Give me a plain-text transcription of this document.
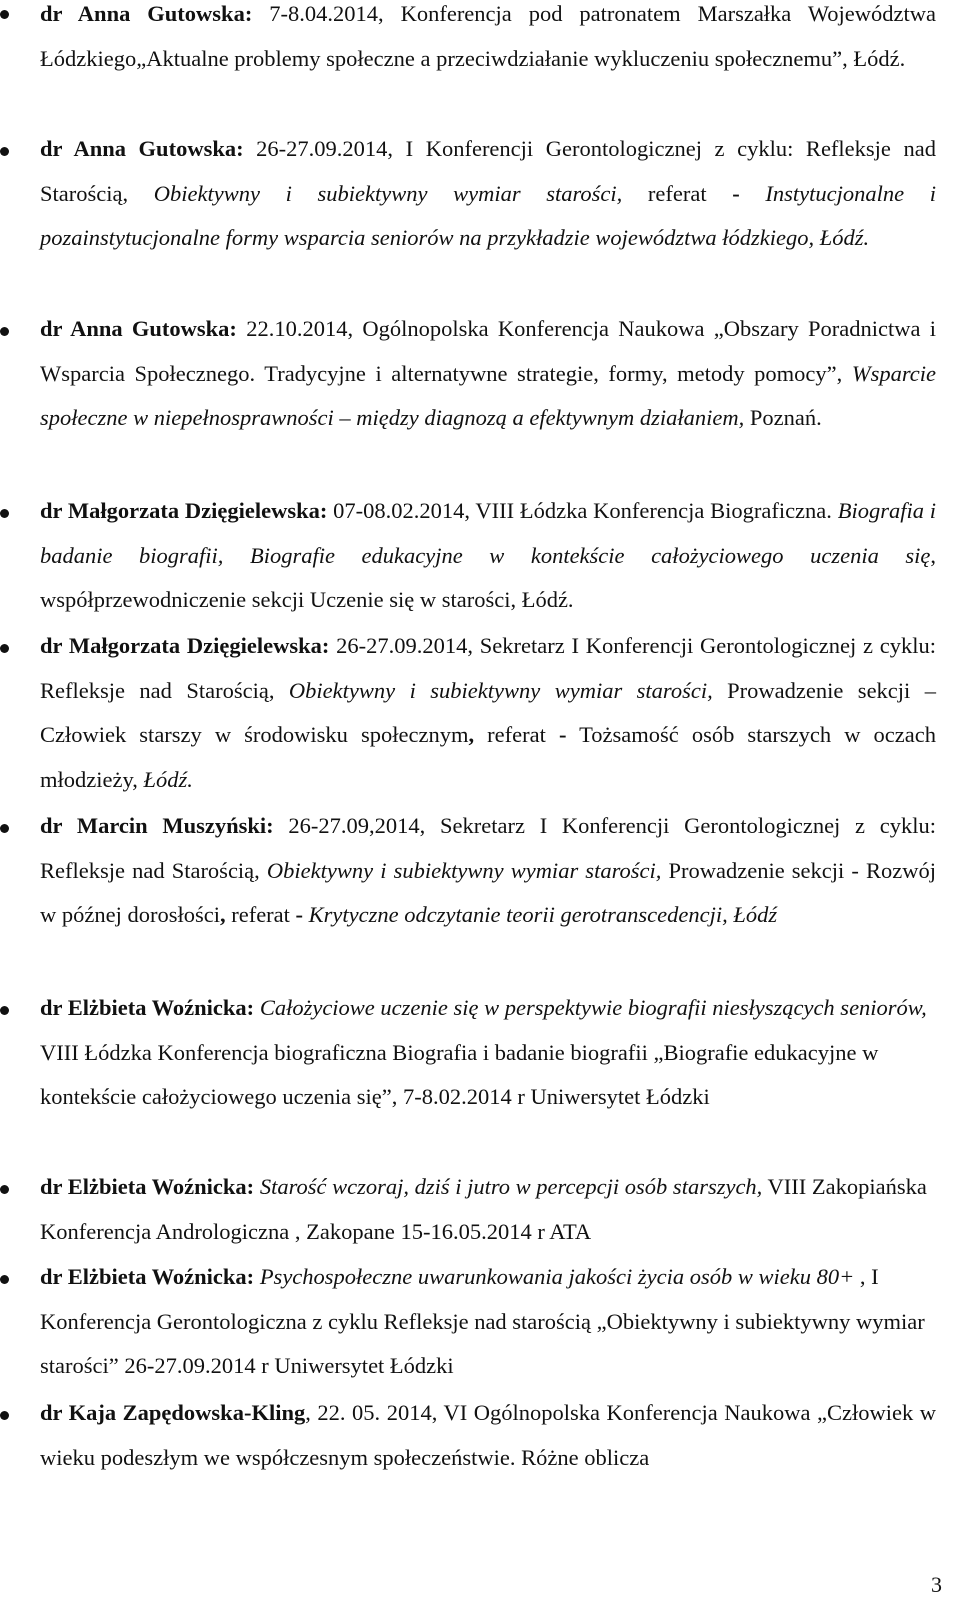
dr Anna Gutowska: 7-8.04.2014, Konferencja pod patronatem Marszałka Województwa Łódzkiego„Aktualne problemy społeczne a przeciwdziałanie wykluczeniu społecznemu”, Łódź.
dr Anna Gutowska: 26-27.09.2014, I Konferencji Gerontologicznej z cyklu: Refleksje nad Starością, Obiektywny i subiektywny wymiar starości, referat - Instytucjonalne i pozainstytucjonalne formy wsparcia seniorów na przykładzie województwa łódzkiego, Łódź.
dr Anna Gutowska: 22.10.2014, Ogólnopolska Konferencja Naukowa „Obszary Poradnictwa i Wsparcia Społecznego. Tradycyjne i alternatywne strategie, formy, metody pomocy”, Wsparcie społeczne w niepełnosprawności – między diagnozą a efektywnym działaniem, Poznań.
dr Małgorzata Dzięgielewska: 07-08.02.2014, VIII Łódzka Konferencja Biograficzna. Biografia i badanie biografii, Biografie edukacyjne w kontekście całożyciowego uczenia się, współprzewodniczenie sekcji Uczenie się w starości, Łódź.
dr Małgorzata Dzięgielewska: 26-27.09.2014, Sekretarz I Konferencji Gerontologicznej z cyklu: Refleksje nad Starością, Obiektywny i subiektywny wymiar starości, Prowadzenie sekcji – Człowiek starszy w środowisku społecznym, referat - Tożsamość osób starszych w oczach młodzieży, Łódź.
dr Marcin Muszyński: 26-27.09,2014, Sekretarz I Konferencji Gerontologicznej z cyklu: Refleksje nad Starością, Obiektywny i subiektywny wymiar starości, Prowadzenie sekcji - Rozwój w późnej dorosłości, referat - Krytyczne odczytanie teorii gerotranscedencji, Łódź
dr Elżbieta Woźnicka: Całożyciowe uczenie się w perspektywie biografii niesłyszących seniorów, VIII Łódzka Konferencja biograficzna Biografia i badanie biografii „Biografie edukacyjne w kontekście całożyciowego uczenia się”, 7-8.02.2014 r Uniwersytet Łódzki
dr Elżbieta Woźnicka: Starość wczoraj, dziś i jutro w percepcji osób starszych, VIII Zakopiańska Konferencja Andrologiczna , Zakopane 15-16.05.2014 r ATA
dr Elżbieta Woźnicka: Psychospołeczne uwarunkowania jakości życia osób w wieku 80+ , I Konferencja Gerontologiczna z cyklu Refleksje nad starością „Obiektywny i subiektywny wymiar starości” 26-27.09.2014 r Uniwersytet Łódzki
dr Kaja Zapędowska-Kling, 22. 05. 2014, VI Ogólnopolska Konferencja Naukowa „Człowiek w wieku podeszłym we współczesnym społeczeństwie. Różne oblicza
3
